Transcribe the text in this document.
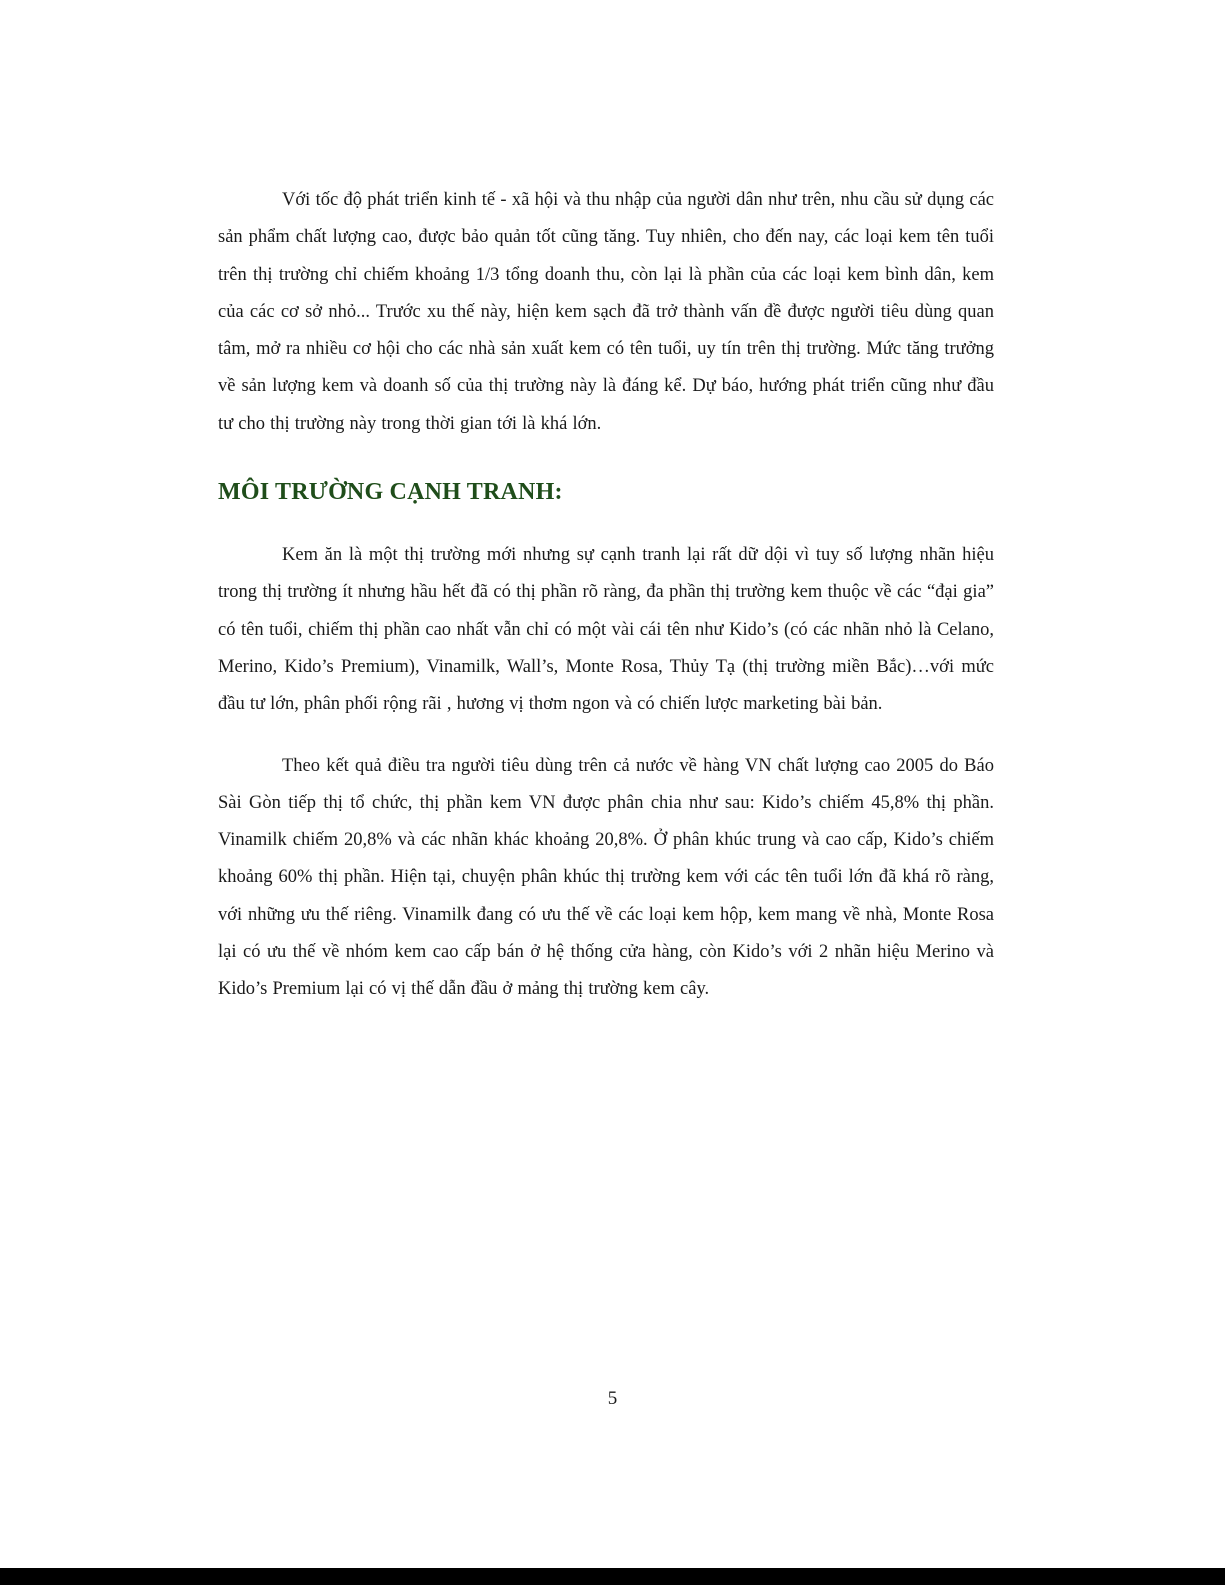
Với tốc độ phát triển kinh tế - xã hội và thu nhập của người dân như trên, nhu cầu sử dụng các sản phẩm chất lượng cao, được bảo quản tốt cũng tăng. Tuy nhiên, cho đến nay, các loại kem tên tuổi trên thị trường chỉ chiếm khoảng 1/3 tổng doanh thu, còn lại là phần của các loại kem bình dân, kem của các cơ sở nhỏ... Trước xu thế này, hiện kem sạch đã trở thành vấn đề được người tiêu dùng quan tâm, mở ra nhiều cơ hội cho các nhà sản xuất kem có tên tuổi, uy tín trên thị trường. Mức tăng trưởng về sản lượng kem và doanh số của thị trường này là đáng kể. Dự báo, hướng phát triển cũng như đầu tư cho thị trường này trong thời gian tới là khá lớn.

MÔI TRƯỜNG CẠNH TRANH:

Kem ăn là một thị trường mới nhưng sự cạnh tranh lại rất dữ dội vì tuy số lượng nhãn hiệu trong thị trường ít nhưng hầu hết đã có thị phần rõ ràng, đa phần thị trường kem thuộc về các “đại gia” có tên tuổi, chiếm thị phần cao nhất vẫn chỉ có một vài cái tên như Kido’s (có các nhãn nhỏ là Celano, Merino, Kido’s Premium), Vinamilk, Wall’s, Monte Rosa, Thủy Tạ (thị trường miền Bắc)…với mức đầu tư lớn, phân phối rộng rãi , hương vị thơm ngon và có chiến lược marketing bài bản.

Theo kết quả điều tra người tiêu dùng trên cả nước về hàng VN chất lượng cao 2005 do Báo Sài Gòn tiếp thị tổ chức, thị phần kem VN được phân chia như sau: Kido’s chiếm 45,8% thị phần. Vinamilk chiếm 20,8% và các nhãn khác khoảng 20,8%. Ở phân khúc trung và cao cấp, Kido’s chiếm khoảng 60% thị phần. Hiện tại, chuyện phân khúc thị trường kem với các tên tuổi lớn đã khá rõ ràng, với những ưu thế riêng. Vinamilk đang có ưu thế về các loại kem hộp, kem mang về nhà, Monte Rosa lại có ưu thế về nhóm kem cao cấp bán ở hệ thống cửa hàng, còn Kido’s với 2 nhãn hiệu Merino và Kido’s Premium lại có vị thế dẫn đầu ở mảng thị trường kem cây.

5
